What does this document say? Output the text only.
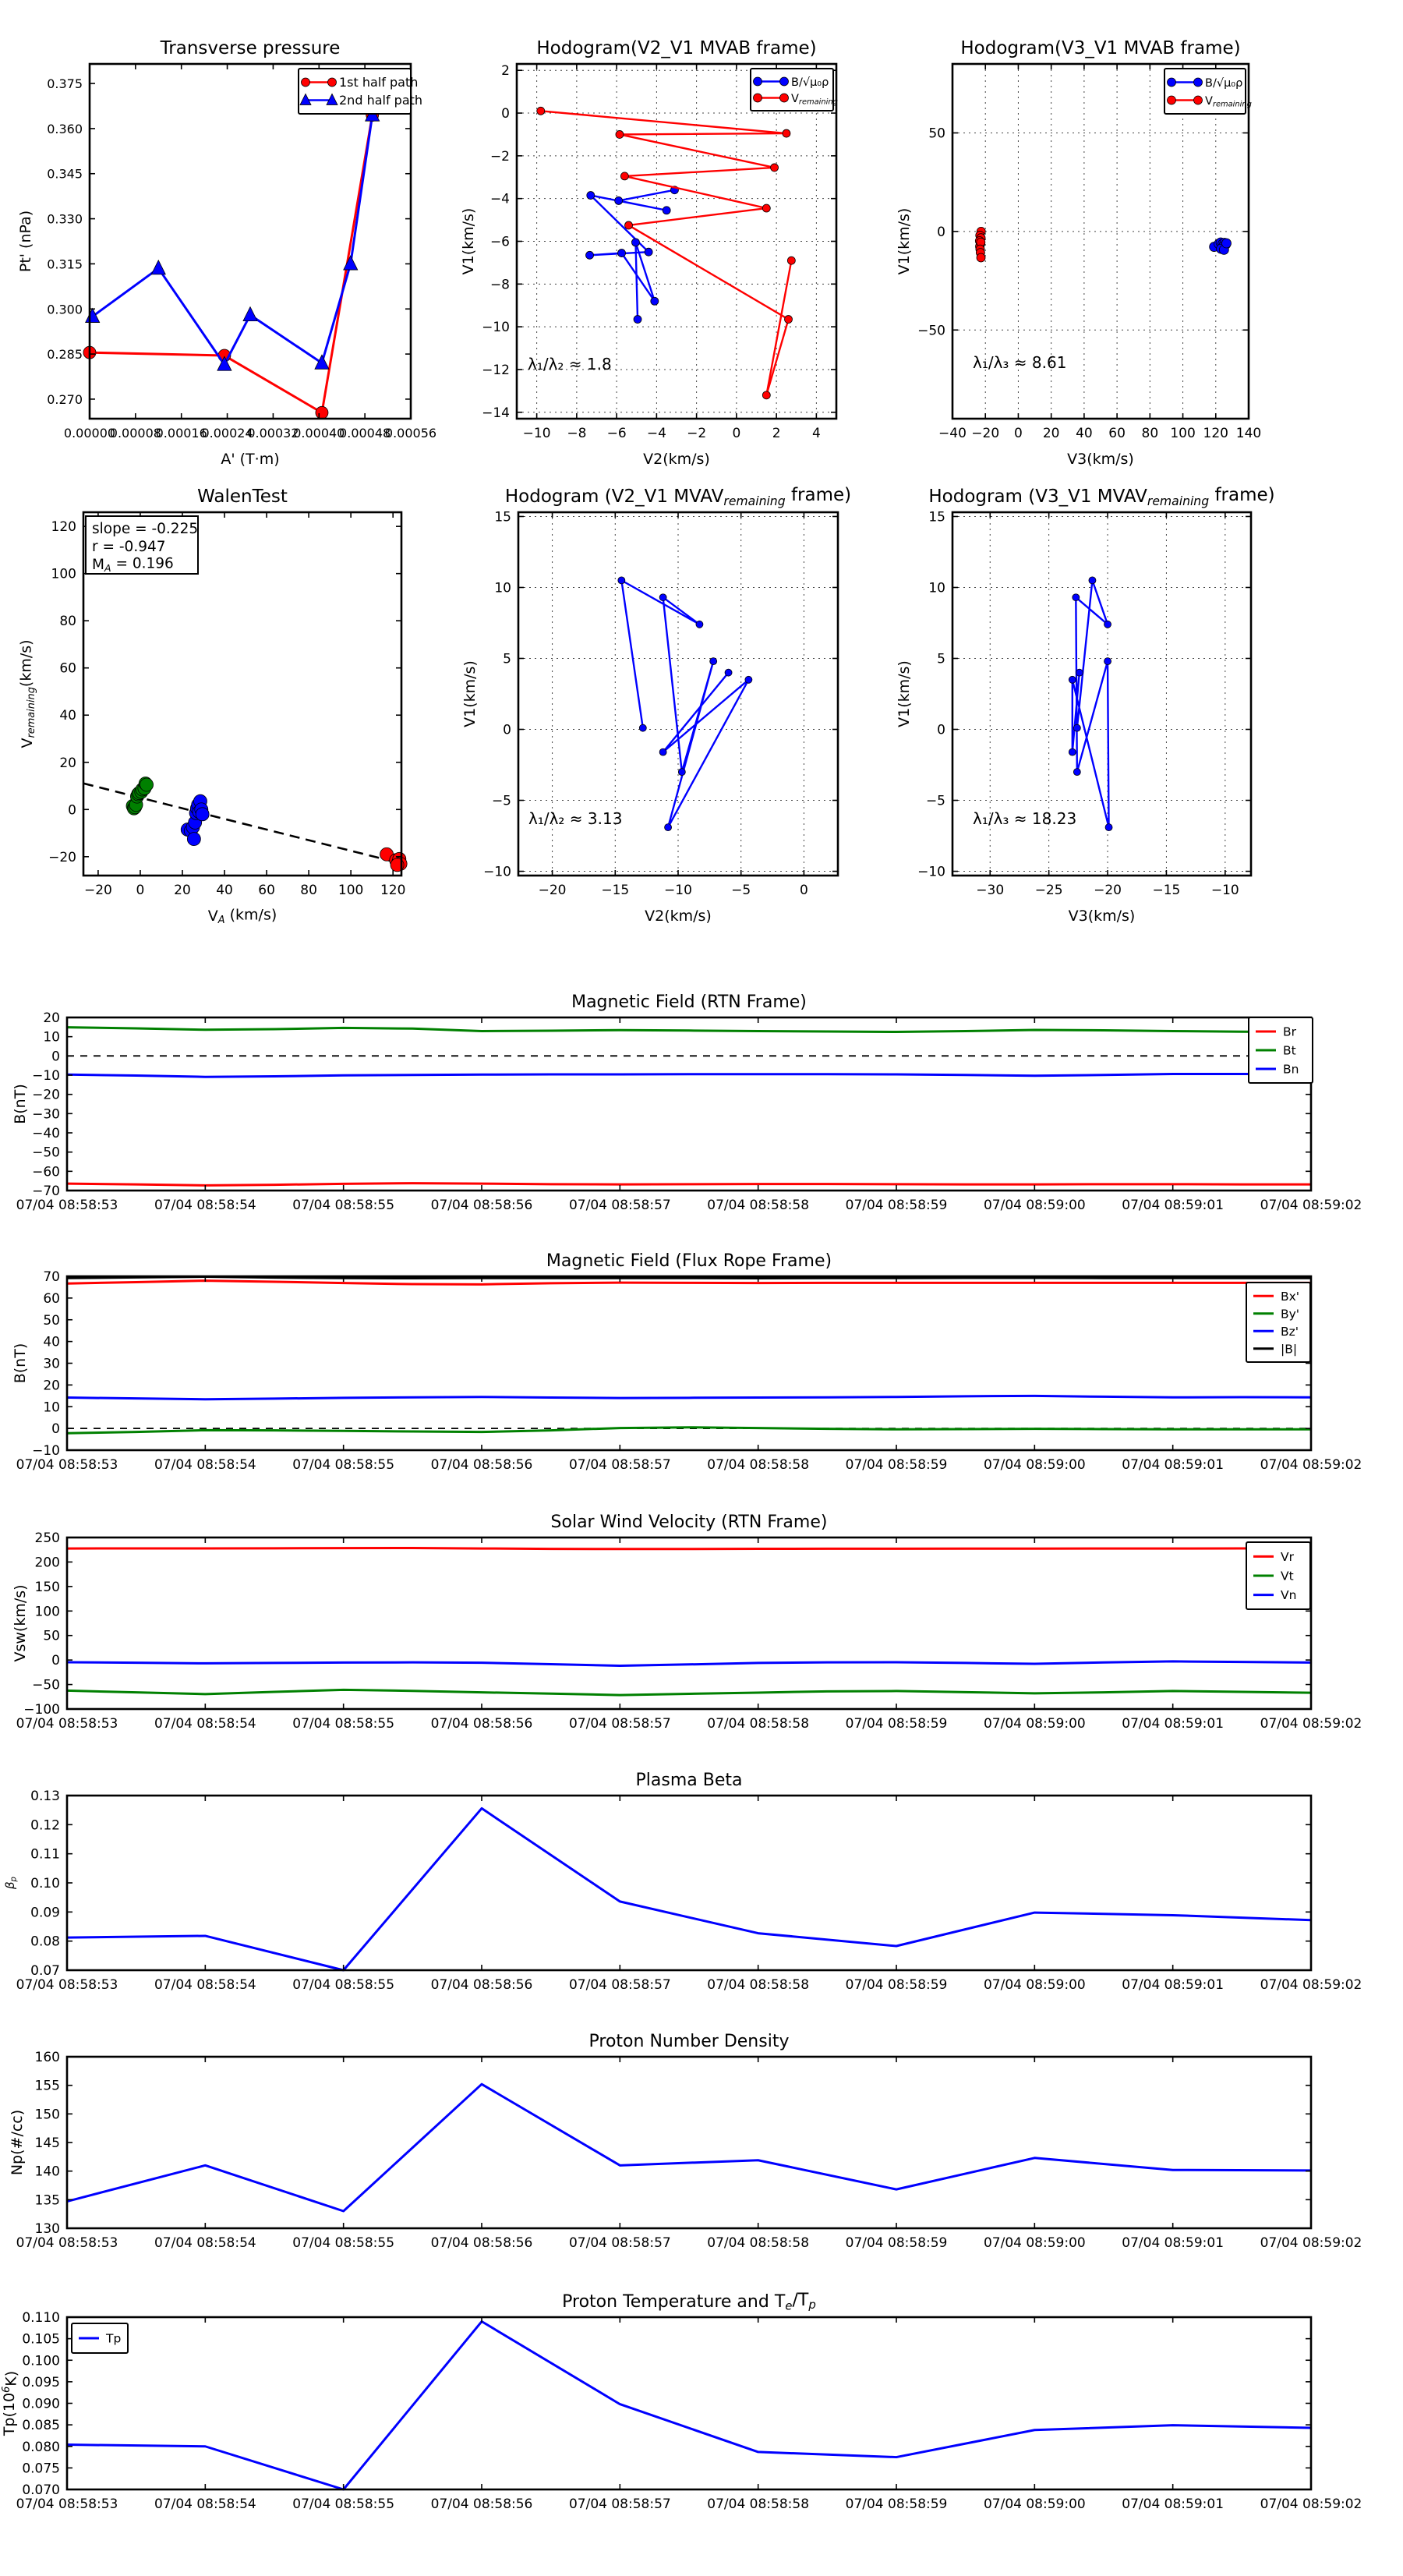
0.00000
0.00008
0.00016
0.00024
0.00032
0.00040
0.00048
0.00056
0.270
0.285
0.300
0.315
0.330
0.345
0.360
0.375
Transverse pressure
A' (T·m)
Pt' (nPa)
1st half path
2nd half path
−10 −8 −6 −4 −2 0 2 4
−14
−12
−10
−8
−6
−4
−2
0
2
Hodogram(V2_V1 MVAB frame)
V2(km/s)
V1(km/s)
λ₁/λ₂ ≈ 1.8
B/√μ₀ρ
Vremaining
−40 −20 0 20 40 60 80 100 120 140
−50
0
50
Hodogram(V3_V1 MVAB frame)
V3(km/s)
V1(km/s)
λ₁/λ₃ ≈ 8.61
B/√μ₀ρ
Vremaining
−20 0 20 40 60 80 100 120
−20
0
20
40
60
80
100
120
WalenTest
VA (km/s)
Vremaining(km/s)
slope = -0.225
r = -0.947
MA = 0.196
−20	−15	−10	−5	0
−10
−5
0
5
10
15
Hodogram (V2_V1 MVAVremaining frame)
V2(km/s)
V1(km/s)
λ₁/λ₂ ≈ 3.13
−30 −25 −20 −15 −10
−10
−5
0
5
10
15
Hodogram (V3_V1 MVAVremaining frame)
V3(km/s)
V1(km/s)
λ₁/λ₃ ≈ 18.23
07/04 08:58:53	07/04 08:58:54	07/04 08:58:55	07/04 08:58:56	07/04 08:58:57	07/04 08:58:58	07/04 08:58:59	07/04 08:59:00	07/04 08:59:01	07/04 08:59:02
−70
−60
−50
−40
−30
−20
−10
0
10
20
Magnetic Field (RTN Frame)
B(nT)
Br
Bt
Bn
07/04 08:58:53	07/04 08:58:54	07/04 08:58:55	07/04 08:58:56	07/04 08:58:57	07/04 08:58:58	07/04 08:58:59	07/04 08:59:00	07/04 08:59:01	07/04 08:59:02
−10
0
10
20
30
40
50
60
70
Magnetic Field (Flux Rope Frame)
B(nT)
Bx'
By'
Bz'
|B|
07/04 08:58:53	07/04 08:58:54	07/04 08:58:55	07/04 08:58:56	07/04 08:58:57	07/04 08:58:58	07/04 08:58:59	07/04 08:59:00	07/04 08:59:01	07/04 08:59:02
−100
−50
0
50
100
150
200
250
Solar Wind Velocity (RTN Frame)
Vsw(km/s)
Vr
Vt
Vn
07/04 08:58:53	07/04 08:58:54	07/04 08:58:55	07/04 08:58:56	07/04 08:58:57	07/04 08:58:58	07/04 08:58:59	07/04 08:59:00	07/04 08:59:01	07/04 08:59:02
0.07
0.08
0.09
0.10
0.11
0.12
0.13
Plasma Beta
βp
07/04 08:58:53	07/04 08:58:54	07/04 08:58:55	07/04 08:58:56	07/04 08:58:57	07/04 08:58:58	07/04 08:58:59	07/04 08:59:00	07/04 08:59:01	07/04 08:59:02
130
135
140
145
150
155
160
Proton Number Density
Np(#/cc)
07/04 08:58:53	07/04 08:58:54	07/04 08:58:55	07/04 08:58:56	07/04 08:58:57	07/04 08:58:58	07/04 08:58:59	07/04 08:59:00	07/04 08:59:01	07/04 08:59:02
0.070
0.075
0.080
0.085
0.090
0.095
0.100
0.105
0.110
Proton Temperature and Te/Tp
$Tp(10^6K)$
Tp
